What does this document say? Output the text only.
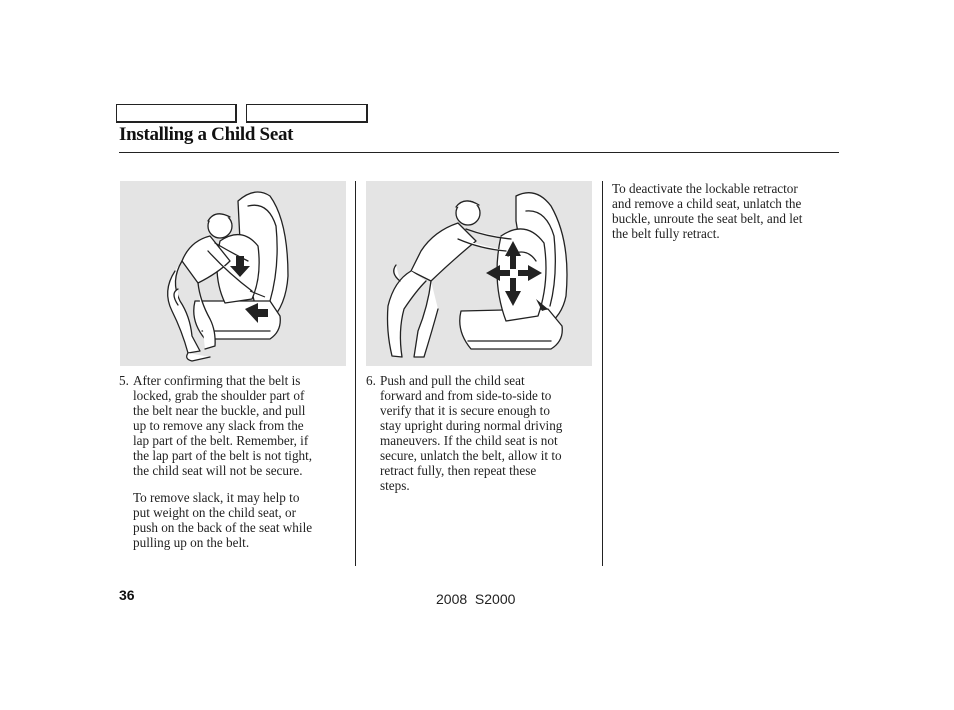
Installing a Child Seat
5. After confirming that the belt is
locked, grab the shoulder part of
the belt near the buckle, and pull
up to remove any slack from the
lap part of the belt. Remember, if
the lap part of the belt is not tight,
the child seat will not be secure.
To remove slack, it may help to
put weight on the child seat, or
push on the back of the seat while
pulling up on the belt.
6. Push and pull the child seat
forward and from side-to-side to
verify that it is secure enough to
stay upright during normal driving
maneuvers. If the child seat is not
secure, unlatch the belt, allow it to
retract fully, then repeat these
steps.
To deactivate the lockable retractor
and remove a child seat, unlatch the
buckle, unroute the seat belt, and let
the belt fully retract.
36	2008  S2000
